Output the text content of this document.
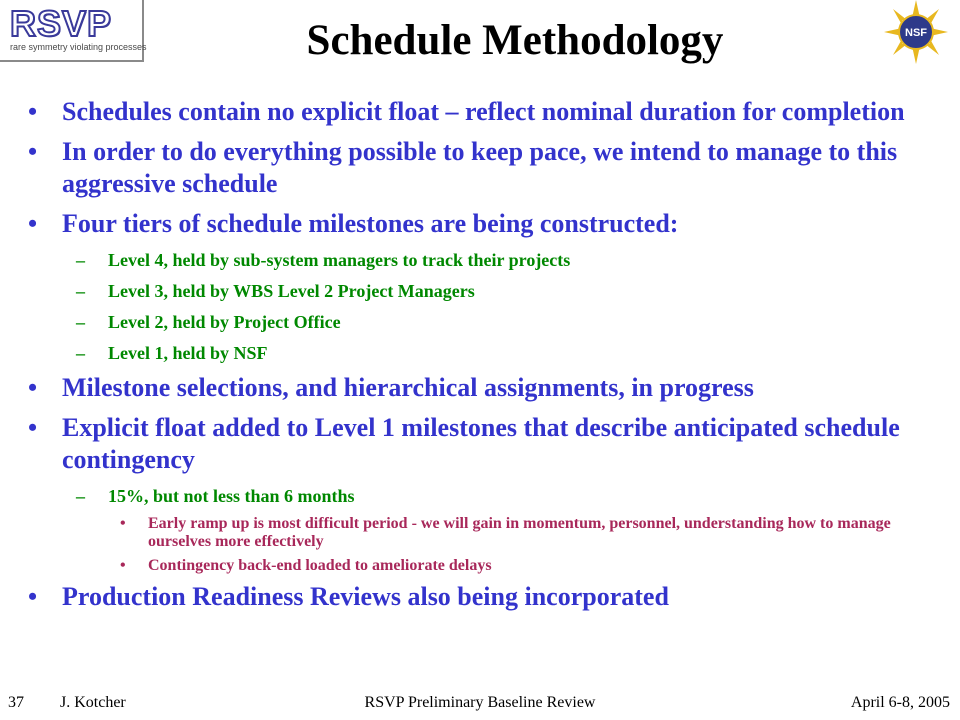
RSVP
rare symmetry violating processes	Schedule Methodology	NSF
• Schedules contain no explicit float – reflect nominal duration for completion
• In order to do everything possible to keep pace, we intend to manage to this aggressive schedule
• Four tiers of schedule milestones are being constructed:
– Level 4, held by sub-system managers to track their projects
– Level 3, held by WBS Level 2 Project Managers
– Level 2, held by Project Office
– Level 1, held by NSF
• Milestone selections, and hierarchical assignments, in progress
• Explicit float added to Level 1 milestones that describe anticipated schedule contingency
– 15%, but not less than 6 months
• Early ramp up is most difficult period - we will gain in momentum, personnel, understanding how to manage ourselves more effectively
• Contingency back-end loaded to ameliorate delays
• Production Readiness Reviews also being incorporated
37 J. Kotcher	RSVP Preliminary Baseline Review	April 6-8, 2005
